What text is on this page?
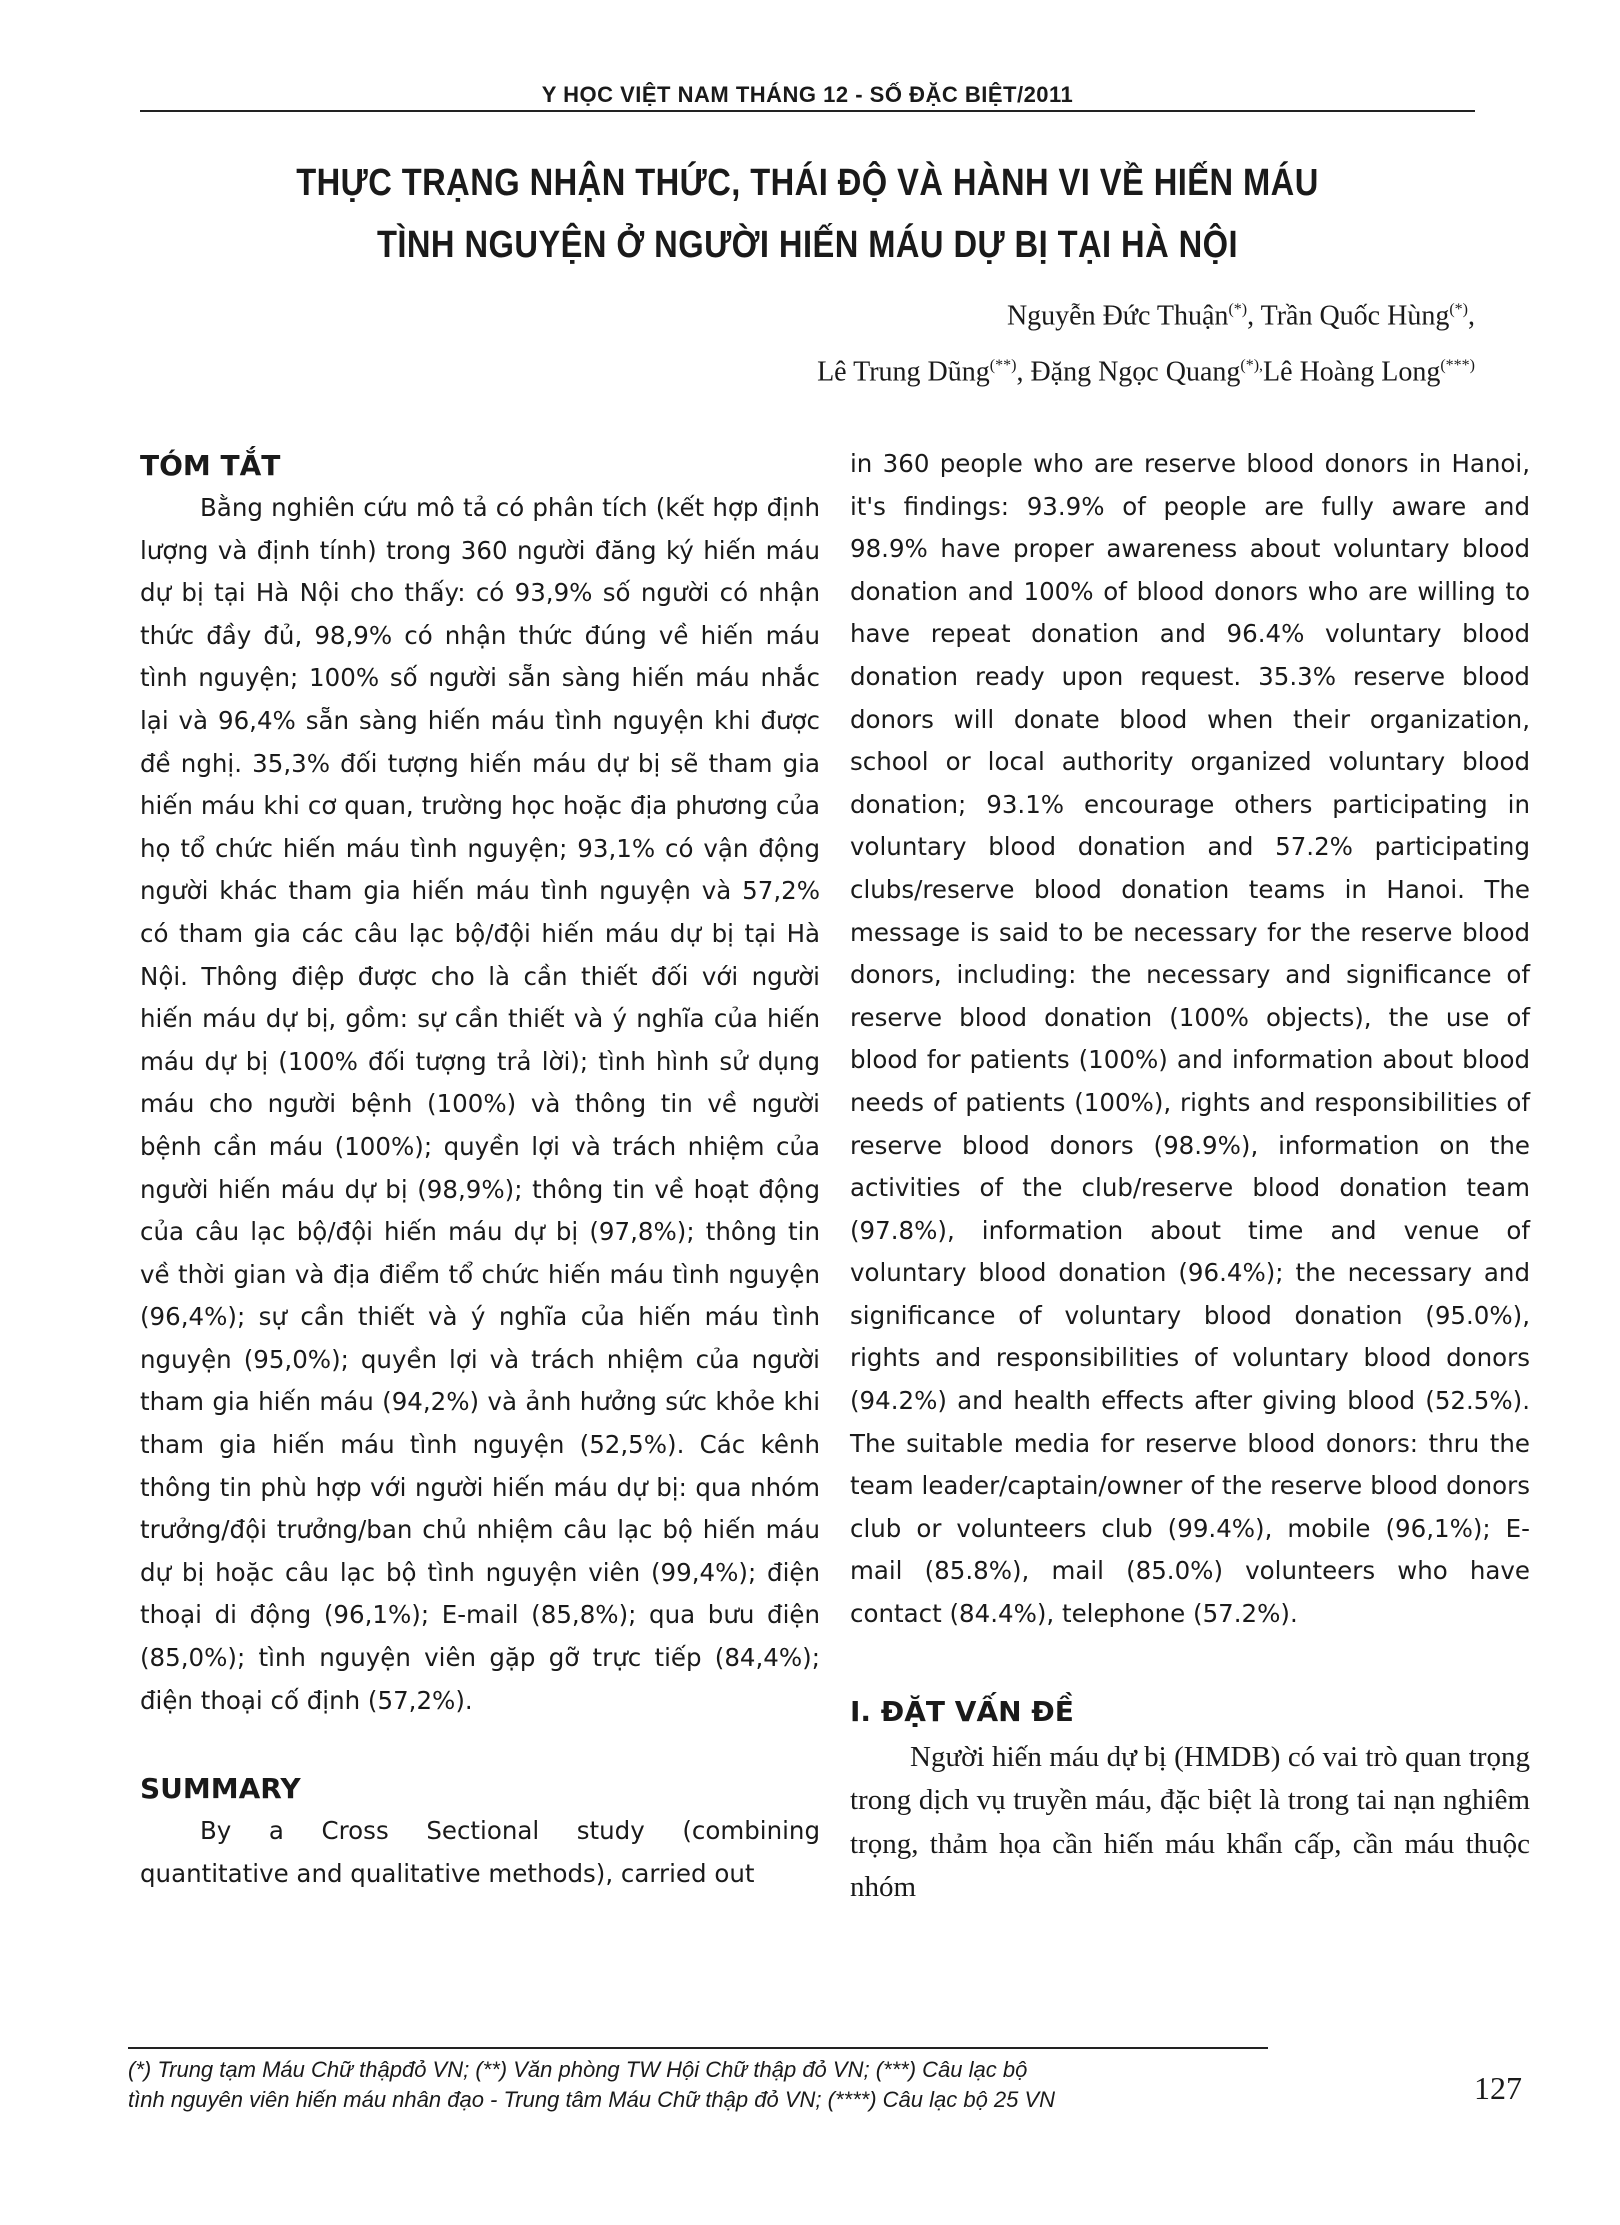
Y HỌC VIỆT NAM THÁNG 12 - SỐ ĐẶC BIỆT/2011
THỰC TRẠNG NHẬN THỨC, THÁI ĐỘ VÀ HÀNH VI VỀ HIẾN MÁU
TÌNH NGUYỆN Ở NGƯỜI HIẾN MÁU DỰ BỊ TẠI HÀ NỘI
Nguyễn Đức Thuận(*), Trần Quốc Hùng(*),
Lê Trung Dũng(**), Đặng Ngọc Quang(*),Lê Hoàng Long(***)
TÓM TẮT

Bằng nghiên cứu mô tả có phân tích (kết hợp định lượng và định tính) trong 360 người đăng ký hiến máu dự bị tại Hà Nội cho thấy: có 93,9% số người có nhận thức đầy đủ, 98,9% có nhận thức đúng về hiến máu tình nguyện; 100% số người sẵn sàng hiến máu nhắc lại và 96,4% sẵn sàng hiến máu tình nguyện khi được đề nghị. 35,3% đối tượng hiến máu dự bị sẽ tham gia hiến máu khi cơ quan, trường học hoặc địa phương của họ tổ chức hiến máu tình nguyện; 93,1% có vận động người khác tham gia hiến máu tình nguyện và 57,2% có tham gia các câu lạc bộ/đội hiến máu dự bị tại Hà Nội. Thông điệp được cho là cần thiết đối với người hiến máu dự bị, gồm: sự cần thiết và ý nghĩa của hiến máu dự bị (100% đối tượng trả lời); tình hình sử dụng máu cho người bệnh (100%) và thông tin về người bệnh cần máu (100%); quyền lợi và trách nhiệm của người hiến máu dự bị (98,9%); thông tin về hoạt động của câu lạc bộ/đội hiến máu dự bị (97,8%); thông tin về thời gian và địa điểm tổ chức hiến máu tình nguyện (96,4%); sự cần thiết và ý nghĩa của hiến máu tình nguyện (95,0%); quyền lợi và trách nhiệm của người tham gia hiến máu (94,2%) và ảnh hưởng sức khỏe khi tham gia hiến máu tình nguyện (52,5%). Các kênh thông tin phù hợp với người hiến máu dự bị: qua nhóm trưởng/đội trưởng/ban chủ nhiệm câu lạc bộ hiến máu dự bị hoặc câu lạc bộ tình nguyện viên (99,4%); điện thoại di động (96,1%); E-mail (85,8%); qua bưu điện (85,0%); tình nguyện viên gặp gỡ trực tiếp (84,4%); điện thoại cố định (57,2%).

SUMMARY

By a Cross Sectional study (combining quantitative and qualitative methods), carried out

in 360 people who are reserve blood donors in Hanoi, it's findings: 93.9% of people are fully aware and 98.9% have proper awareness about voluntary blood donation and 100% of blood donors who are willing to have repeat donation and 96.4% voluntary blood donation ready upon request. 35.3% reserve blood donors will donate blood when their organization, school or local authority organized voluntary blood donation; 93.1% encourage others participating in voluntary blood donation and 57.2% participating clubs/reserve blood donation teams in Hanoi. The message is said to be necessary for the reserve blood donors, including: the necessary and significance of reserve blood donation (100% objects), the use of blood for patients (100%) and information about blood needs of patients (100%), rights and responsibilities of reserve blood donors (98.9%), information on the activities of the club/reserve blood donation team (97.8%), information about time and venue of voluntary blood donation (96.4%); the necessary and significance of voluntary blood donation (95.0%), rights and responsibilities of voluntary blood donors (94.2%) and health effects after giving blood (52.5%). The suitable media for reserve blood donors: thru the team leader/captain/owner of the reserve blood donors club or volunteers club (99.4%), mobile (96,1%); E-mail (85.8%), mail (85.0%) volunteers who have contact (84.4%), telephone (57.2%).

I. ĐẶT VẤN ĐỀ

Người hiến máu dự bị (HMDB) có vai trò quan trọng trong dịch vụ truyền máu, đặc biệt là trong tai nạn nghiêm trọng, thảm họa cần hiến máu khẩn cấp, cần máu thuộc nhóm

(*) Trung tạm Máu Chữ thậpđỏ VN; (**) Văn phòng TW Hội Chữ thập đỏ VN; (***) Câu lạc bộ
tình nguyên viên hiến máu nhân đạo - Trung tâm Máu Chữ thập đỏ VN; (****) Câu lạc bộ 25 VN	127
